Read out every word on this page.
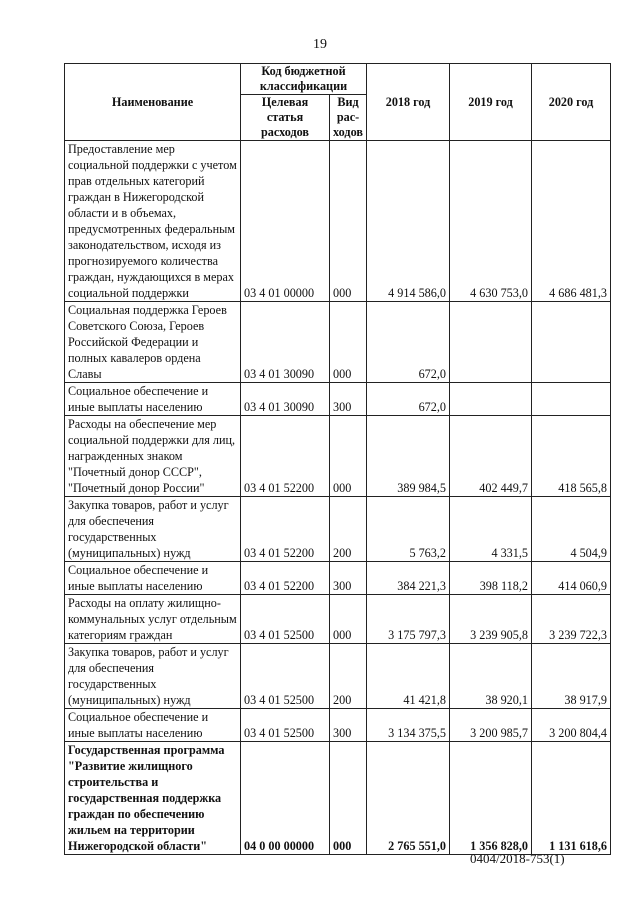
19
Наименование	Код бюджетной классификации		2018 год	2019 год	2020 год
	Целевая статья расходов	Вид рас-ходов			
Предоставление мер социальной поддержки с учетом прав отдельных категорий граждан в Нижегородской области и в объемах, предусмотренных федеральным законодательством, исходя из прогнозируемого количества граждан, нуждающихся в мерах социальной поддержки	03 4 01 00000	000	4 914 586,0	4 630 753,0	4 686 481,3
Социальная поддержка Героев Советского Союза, Героев Российской Федерации и полных кавалеров ордена Славы	03 4 01 30090	000	672,0		
Социальное обеспечение и иные выплаты населению	03 4 01 30090	300	672,0		
Расходы на обеспечение мер социальной поддержки для лиц, награжденных знаком "Почетный донор СССР", "Почетный донор России"	03 4 01 52200	000	389 984,5	402 449,7	418 565,8
Закупка товаров, работ и услуг для обеспечения государственных (муниципальных) нужд	03 4 01 52200	200	5 763,2	4 331,5	4 504,9
Социальное обеспечение и иные выплаты населению	03 4 01 52200	300	384 221,3	398 118,2	414 060,9
Расходы на оплату жилищно-коммунальных услуг отдельным категориям граждан	03 4 01 52500	000	3 175 797,3	3 239 905,8	3 239 722,3
Закупка товаров, работ и услуг для обеспечения государственных (муниципальных) нужд	03 4 01 52500	200	41 421,8	38 920,1	38 917,9
Социальное обеспечение и иные выплаты населению	03 4 01 52500	300	3 134 375,5	3 200 985,7	3 200 804,4
Государственная программа "Развитие жилищного строительства и государственная поддержка граждан по обеспечению жильем на территории Нижегородской области"	04 0 00 00000	000	2 765 551,0	1 356 828,0	1 131 618,6
0404/2018-753(1)
